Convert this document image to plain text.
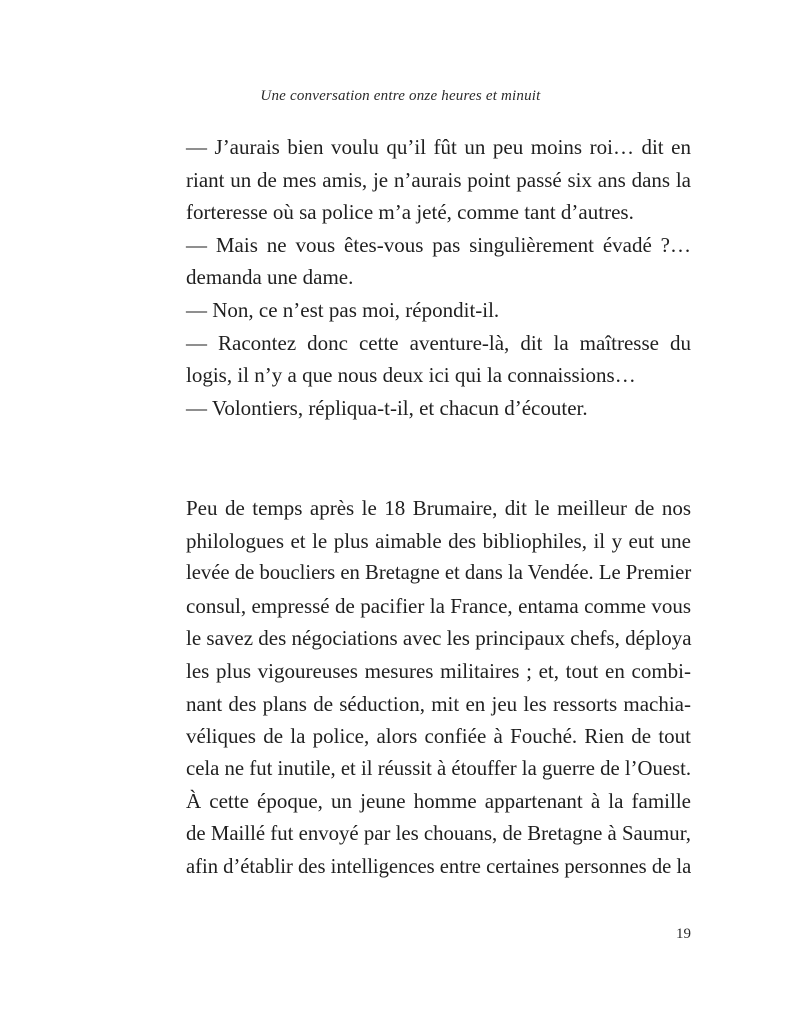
Une conversation entre onze heures et minuit

— J’aurais bien voulu qu’il fût un peu moins roi… dit en
riant un de mes amis, je n’aurais point passé six ans dans la
forteresse où sa police m’a jeté, comme tant d’autres.

— Mais ne vous êtes-vous pas singulièrement évadé ?…
demanda une dame.

— Non, ce n’est pas moi, répondit-il.

— Racontez donc cette aventure-là, dit la maîtresse du
logis, il n’y a que nous deux ici qui la connaissions…

— Volontiers, répliqua-t-il, et chacun d’écouter.

Peu de temps après le 18 Brumaire, dit le meilleur de nos
philologues et le plus aimable des bibliophiles, il y eut une
levée de boucliers en Bretagne et dans la Vendée. Le Premier
consul, empressé de pacifier la France, entama comme vous
le savez des négociations avec les principaux chefs, déploya
les plus vigoureuses mesures militaires ; et, tout en combi-
nant des plans de séduction, mit en jeu les ressorts machia-
véliques de la police, alors confiée à Fouché. Rien de tout
cela ne fut inutile, et il réussit à étouffer la guerre de l’Ouest.

À cette époque, un jeune homme appartenant à la famille
de Maillé fut envoyé par les chouans, de Bretagne à Saumur,
afin d’établir des intelligences entre certaines personnes de la

19
